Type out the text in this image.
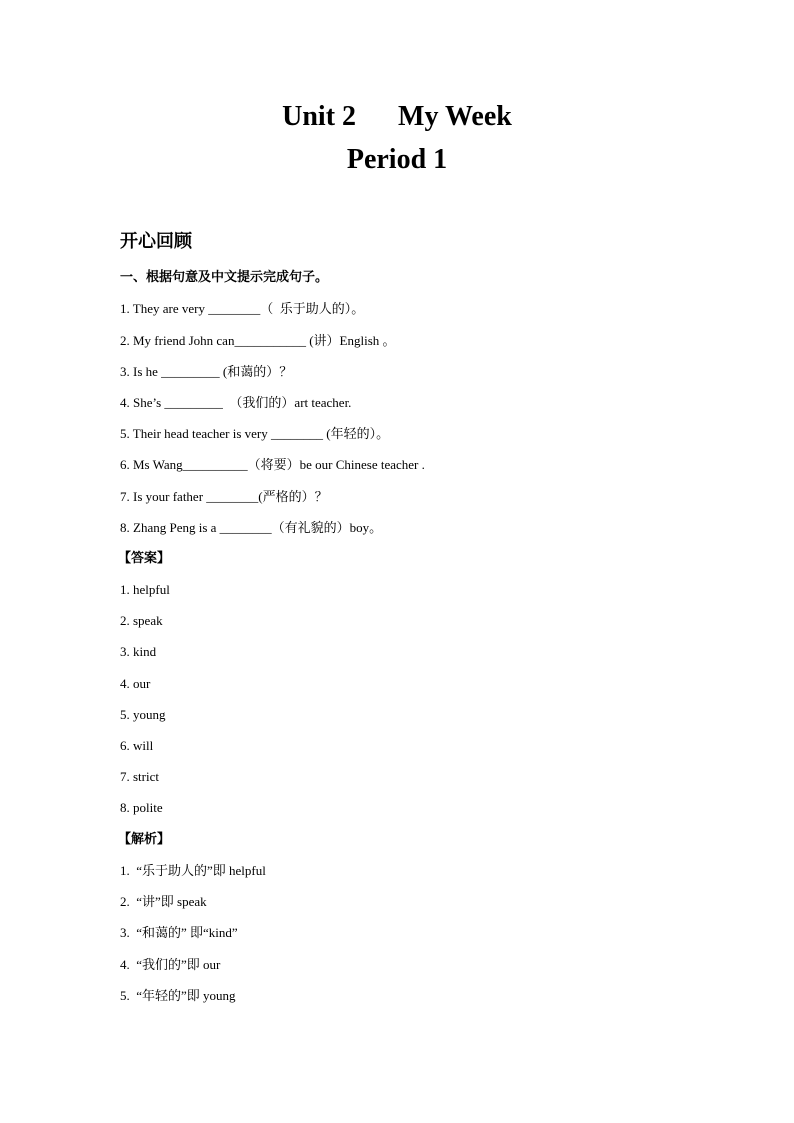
Unit 2      My Week
Period 1
开心回顾
一、根据句意及中文提示完成句子。
1. They are very ________（  乐于助人的）。
2. My friend John can___________ (讲）English 。
3. Is he _________ (和蔼的）？
4. She’s _________  （我们的）art teacher.
5. Their head teacher is very ________ (年轻的）。
6. Ms Wang__________（将要）be our Chinese teacher .
7. Is your father ________(严格的）？
8. Zhang Peng is a ________（有礼貌的）boy。
【答案】
1. helpful
2. speak
3. kind
4. our
5. young
6. will
7. strict
8. polite
【解析】
1.  “乐于助人的”即 helpful
2.  “讲”即 speak
3.  “和蔼的” 即“kind”
4.  “我们的”即 our
5.  “年轻的”即 young
